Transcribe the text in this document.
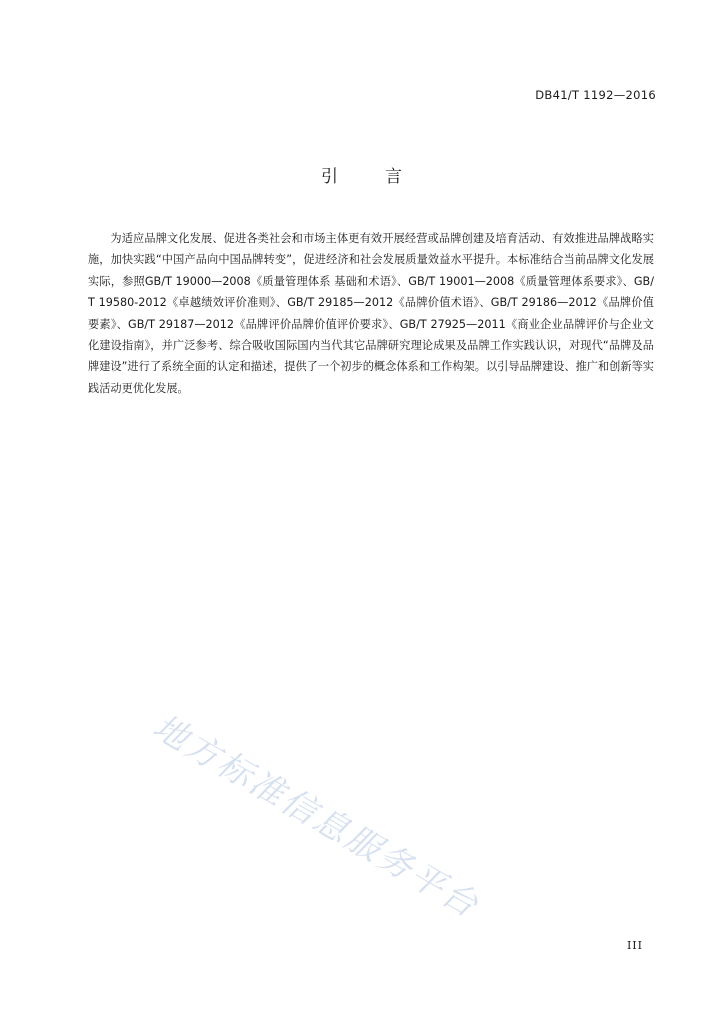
DB41/T 1192—2016
引	言

为适应品牌文化发展、促进各类社会和市场主体更有效开展经营或品牌创建及培育活动、有效推进品牌战略实施，加快实践“中国产品向中国品牌转变”，促进经济和社会发展质量效益水平提升。本标准结合当前品牌文化发展实际，参照GB/T 19000—2008《质量管理体系 基础和术语》、GB/T 19001—2008《质量管理体系要求》、GB/T 19580-2012《卓越绩效评价准则》、GB/T 29185—2012《品牌价值术语》、GB/T 29186—2012《品牌价值要素》、GB/T 29187—2012《品牌评价品牌价值评价要求》、GB/T 27925—2011《商业企业品牌评价与企业文化建设指南》，并广泛参考、综合吸收国际国内当代其它品牌研究理论成果及品牌工作实践认识，对现代“品牌及品牌建设”进行了系统全面的认定和描述，提供了一个初步的概念体系和工作构架。以引导品牌建设、推广和创新等实践活动更优化发展。

地方标准信息服务平台
III
